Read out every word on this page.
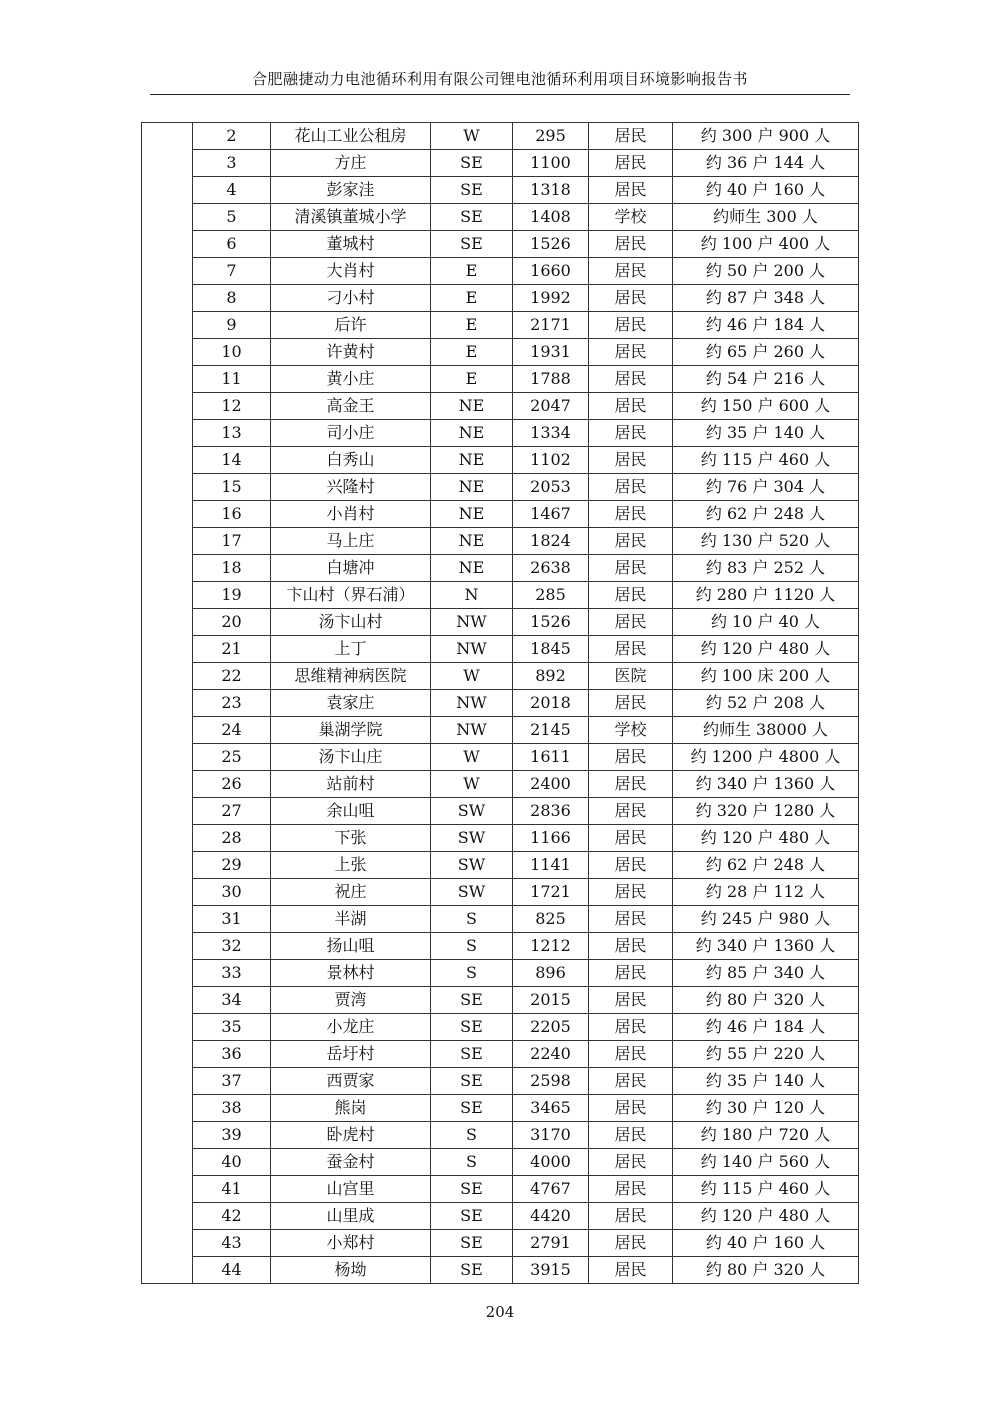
合肥融捷动力电池循环利用有限公司锂电池循环利用项目环境影响报告书
	2	花山工业公租房	W	295	居民	约 300 户 900 人
	3	方庄	SE	1100	居民	约 36 户 144 人
	4	彭家洼	SE	1318	居民	约 40 户 160 人
	5	清溪镇董城小学	SE	1408	学校	约师生 300 人
	6	董城村	SE	1526	居民	约 100 户 400 人
	7	大肖村	E	1660	居民	约 50 户 200 人
	8	刁小村	E	1992	居民	约 87 户 348 人
	9	后许	E	2171	居民	约 46 户 184 人
	10	许黄村	E	1931	居民	约 65 户 260 人
	11	黄小庄	E	1788	居民	约 54 户 216 人
	12	高金王	NE	2047	居民	约 150 户 600 人
	13	司小庄	NE	1334	居民	约 35 户 140 人
	14	白秀山	NE	1102	居民	约 115 户 460 人
	15	兴隆村	NE	2053	居民	约 76 户 304 人
	16	小肖村	NE	1467	居民	约 62 户 248 人
	17	马上庄	NE	1824	居民	约 130 户 520 人
	18	白塘冲	NE	2638	居民	约 83 户 252 人
	19	卞山村（界石浦）	N	285	居民	约 280 户 1120 人
	20	汤卞山村	NW	1526	居民	约 10 户 40 人
	21	上丁	NW	1845	居民	约 120 户 480 人
	22	思维精神病医院	W	892	医院	约 100 床 200 人
	23	袁家庄	NW	2018	居民	约 52 户 208 人
	24	巢湖学院	NW	2145	学校	约师生 38000 人
	25	汤卞山庄	W	1611	居民	约 1200 户 4800 人
	26	站前村	W	2400	居民	约 340 户 1360 人
	27	余山咀	SW	2836	居民	约 320 户 1280 人
	28	下张	SW	1166	居民	约 120 户 480 人
	29	上张	SW	1141	居民	约 62 户 248 人
	30	祝庄	SW	1721	居民	约 28 户 112 人
	31	半湖	S	825	居民	约 245 户 980 人
	32	扬山咀	S	1212	居民	约 340 户 1360 人
	33	景林村	S	896	居民	约 85 户 340 人
	34	贾湾	SE	2015	居民	约 80 户 320 人
	35	小龙庄	SE	2205	居民	约 46 户 184 人
	36	岳圩村	SE	2240	居民	约 55 户 220 人
	37	西贾家	SE	2598	居民	约 35 户 140 人
	38	熊岗	SE	3465	居民	约 30 户 120 人
	39	卧虎村	S	3170	居民	约 180 户 720 人
	40	蚕金村	S	4000	居民	约 140 户 560 人
	41	山宫里	SE	4767	居民	约 115 户 460 人
	42	山里成	SE	4420	居民	约 120 户 480 人
	43	小郑村	SE	2791	居民	约 40 户 160 人
	44	杨坳	SE	3915	居民	约 80 户 320 人
204
